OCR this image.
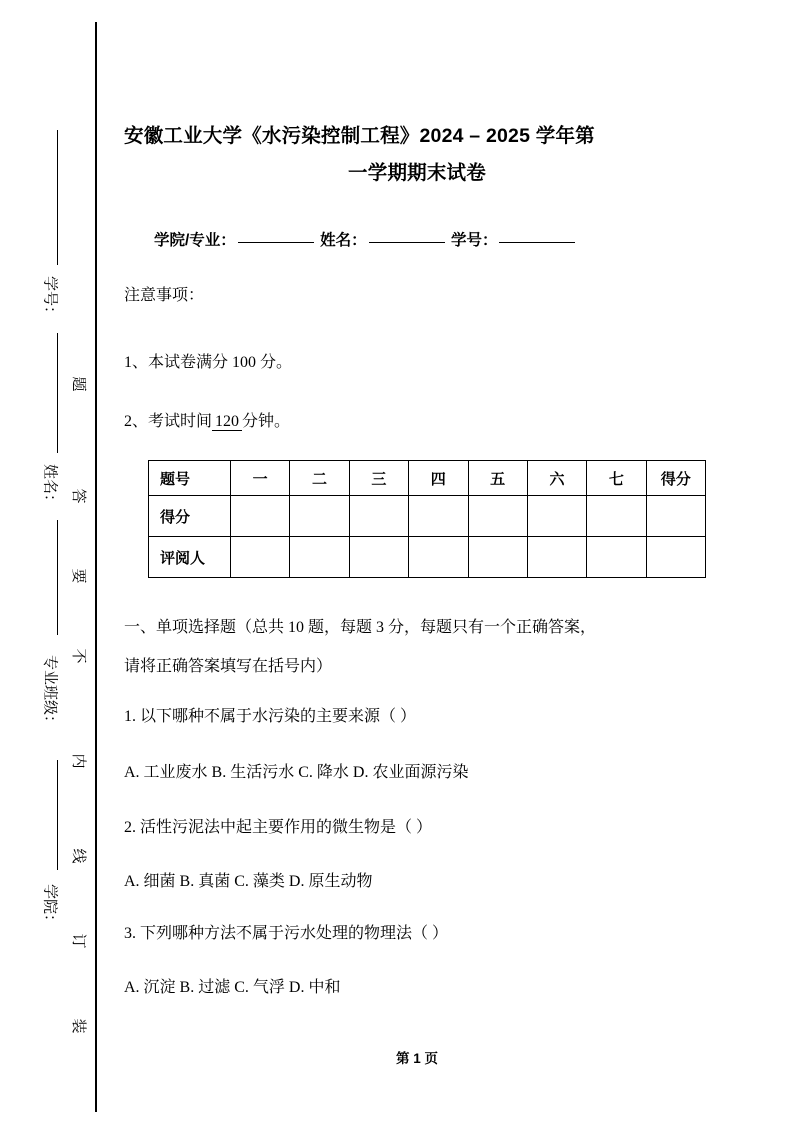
题
答
要
不
内
线
订
装
学号：
姓名：
专业班级：
学院：
安徽工业大学《水污染控制工程》2024 – 2025 学年第
一学期期末试卷
学院/专业：	姓名：	学号：
注意事项：
1、本试卷满分 100 分。
2、考试时间 120 分钟。
题号	一	二	三	四	五	六	七	得分
得分								
评阅人								
一、单项选择题（总共 10 题，每题 3 分，每题只有一个正确答案，
请将正确答案填写在括号内）
1. 以下哪种不属于水污染的主要来源（ ）
A. 工业废水 B. 生活污水 C. 降水 D. 农业面源污染
2. 活性污泥法中起主要作用的微生物是（ ）
A. 细菌 B. 真菌 C. 藻类 D. 原生动物
3. 下列哪种方法不属于污水处理的物理法（ ）
A. 沉淀 B. 过滤 C. 气浮 D. 中和
第 1 页
